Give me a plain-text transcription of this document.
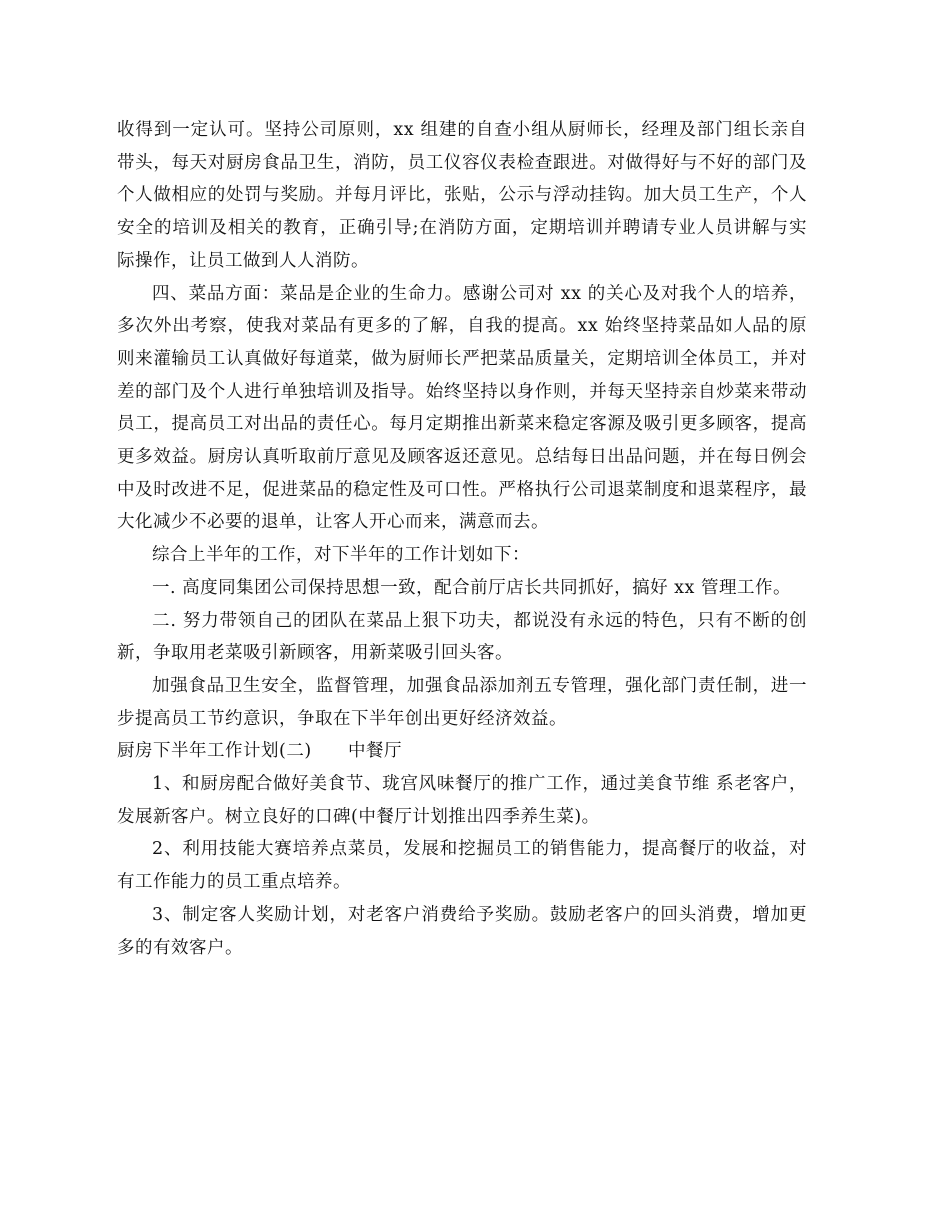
收得到一定认可。坚持公司原则，xx 组建的自查小组从厨师长，经理及部门组长亲自带头，每天对厨房食品卫生，消防，员工仪容仪表检查跟进。对做得好与不好的部门及个人做相应的处罚与奖励。并每月评比，张贴，公示与浮动挂钩。加大员工生产，个人安全的培训及相关的教育，正确引导;在消防方面，定期培训并聘请专业人员讲解与实际操作，让员工做到人人消防。

四、菜品方面：菜品是企业的生命力。感谢公司对 xx 的关心及对我个人的培养，多次外出考察，使我对菜品有更多的了解，自我的提高。xx 始终坚持菜品如人品的原则来灌输员工认真做好每道菜，做为厨师长严把菜品质量关，定期培训全体员工，并对差的部门及个人进行单独培训及指导。始终坚持以身作则，并每天坚持亲自炒菜来带动员工，提高员工对出品的责任心。每月定期推出新菜来稳定客源及吸引更多顾客，提高更多效益。厨房认真听取前厅意见及顾客返还意见。总结每日出品问题，并在每日例会中及时改进不足，促进菜品的稳定性及可口性。严格执行公司退菜制度和退菜程序，最大化减少不必要的退单，让客人开心而来，满意而去。

综合上半年的工作，对下半年的工作计划如下：

一. 高度同集团公司保持思想一致，配合前厅店长共同抓好，搞好 xx 管理工作。

二. 努力带领自己的团队在菜品上狠下功夫，都说没有永远的特色，只有不断的创新，争取用老菜吸引新顾客，用新菜吸引回头客。

加强食品卫生安全，监督管理，加强食品添加剂五专管理，强化部门责任制，进一步提高员工节约意识，争取在下半年创出更好经济效益。

厨房下半年工作计划(二)      中餐厅

1、和厨房配合做好美食节、珑宫风味餐厅的推广工作，通过美食节维 系老客户，发展新客户。树立良好的口碑(中餐厅计划推出四季养生菜)。

2、利用技能大赛培养点菜员，发展和挖掘员工的销售能力，提高餐厅的收益，对有工作能力的员工重点培养。

3、制定客人奖励计划，对老客户消费给予奖励。鼓励老客户的回头消费，增加更多的有效客户。
